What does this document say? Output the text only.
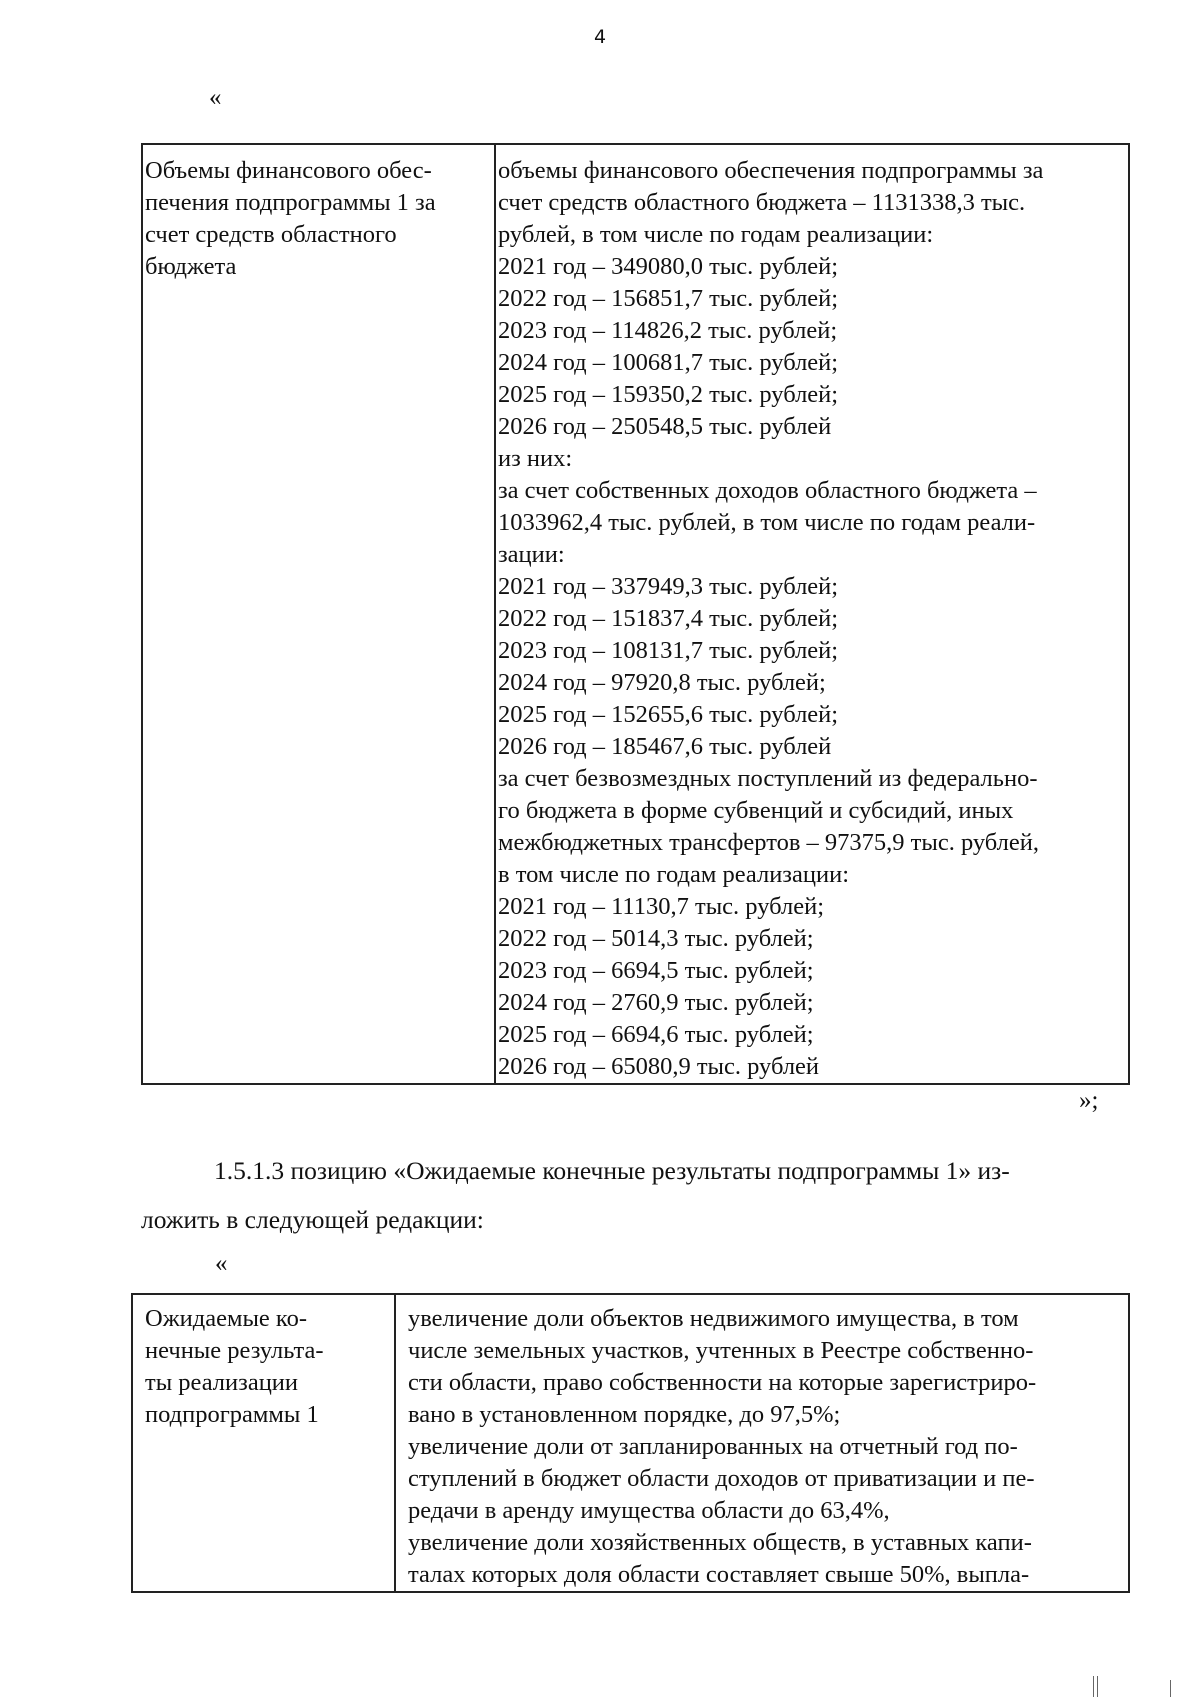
4
«
Объемы финансового обес-
печения подпрограммы 1 за
счет средств областного
бюджета

объемы финансового обеспечения подпрограммы за
счет средств областного бюджета – 1131338,3 тыс.
рублей, в том числе по годам реализации:
2021 год – 349080,0 тыс. рублей;
2022 год – 156851,7 тыс. рублей;
2023 год – 114826,2 тыс. рублей;
2024 год – 100681,7 тыс. рублей;
2025 год – 159350,2 тыс. рублей;
2026 год – 250548,5 тыс. рублей
из них:
за счет собственных доходов областного бюджета –
1033962,4 тыс. рублей, в том числе по годам реали-
зации:
2021 год – 337949,3 тыс. рублей;
2022 год – 151837,4 тыс. рублей;
2023 год – 108131,7 тыс. рублей;
2024 год – 97920,8 тыс. рублей;
2025 год – 152655,6 тыс. рублей;
2026 год – 185467,6 тыс. рублей
за счет безвозмездных поступлений из федерально-
го бюджета в форме субвенций и субсидий, иных
межбюджетных трансфертов – 97375,9 тыс. рублей,
в том числе по годам реализации:
2021 год – 11130,7 тыс. рублей;
2022 год – 5014,3 тыс. рублей;
2023 год – 6694,5 тыс. рублей;
2024 год – 2760,9 тыс. рублей;
2025 год – 6694,6 тыс. рублей;
2026 год – 65080,9 тыс. рублей
»;
1.5.1.3 позицию «Ожидаемые конечные результаты подпрограммы 1» из-
ложить в следующей редакции:
«
Ожидаемые ко-
нечные результа-
ты реализации
подпрограммы 1

увеличение доли объектов недвижимого имущества, в том
числе земельных участков, учтенных в Реестре собственно-
сти области, право собственности на которые зарегистриро-
вано в установленном порядке, до 97,5%;
увеличение доли от запланированных на отчетный год по-
ступлений в бюджет области доходов от приватизации и пе-
редачи в аренду имущества области до 63,4%,
увеличение доли хозяйственных обществ, в уставных капи-
талах которых доля области составляет свыше 50%, выпла-
